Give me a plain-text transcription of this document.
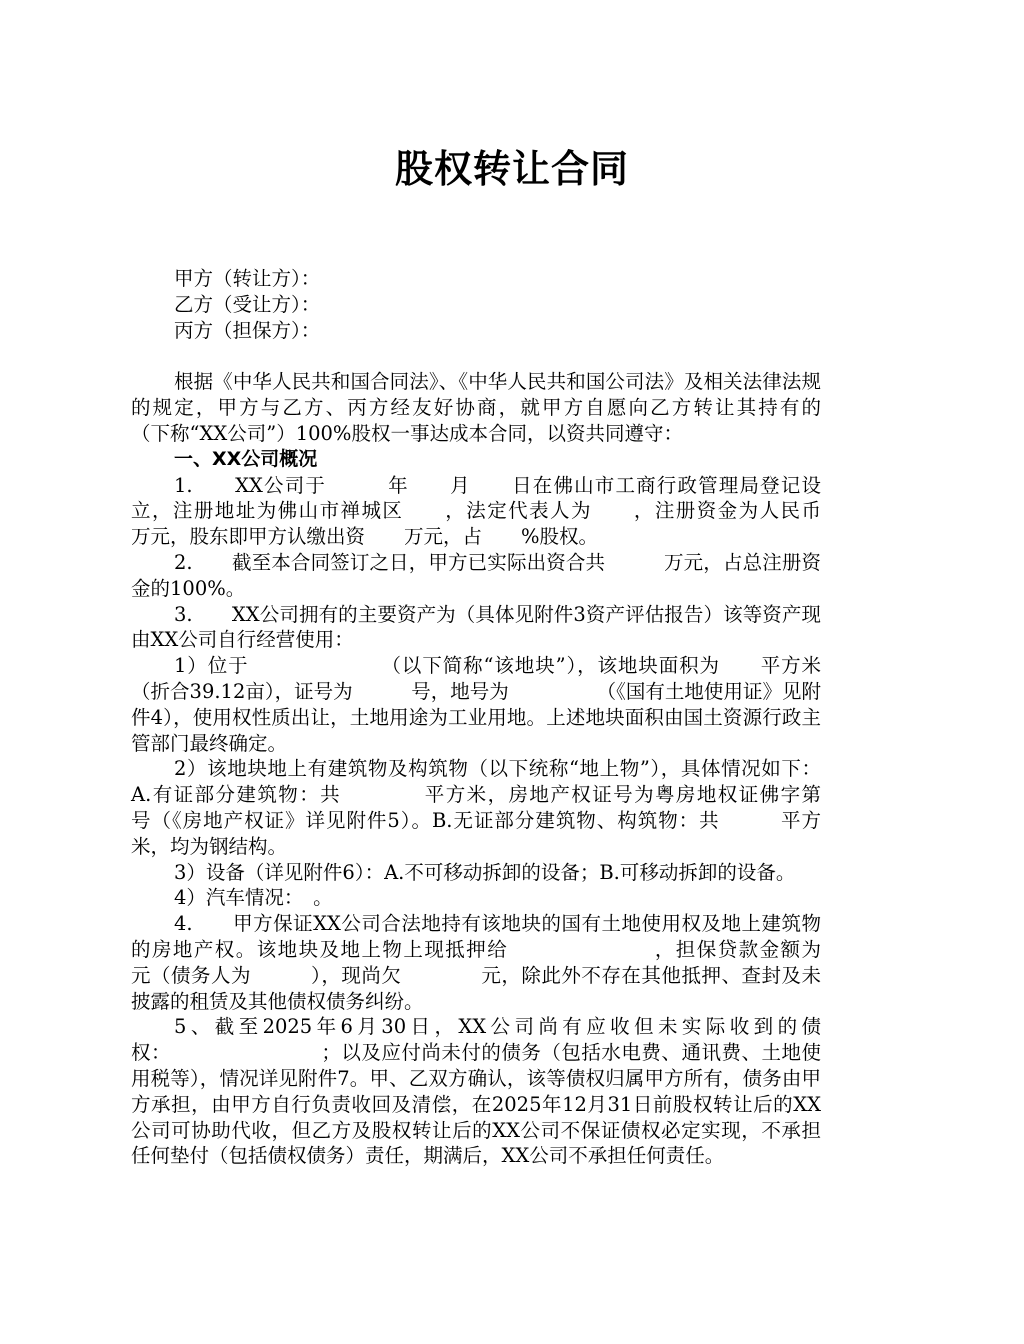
股权转让合同
甲方（转让方）：
乙方（受让方）：
丙方（担保方）：

根据《中华人民共和国合同法》、《中华人民共和国公司法》及相关法律法规的规定，甲方与乙方、丙方经友好协商，就甲方自愿向乙方转让其持有的　　　　　　　　（下称“XX公司”）100%股权一事达成本合同，以资共同遵守：

一、XX公司概况

1.　　XX公司于　　　年　　月　　日在佛山市工商行政管理局登记设立，注册地址为佛山市禅城区　　，法定代表人为　　，注册资金为人民币　　　万元，股东即甲方认缴出资　　万元，占　　%股权。

2.　　截至本合同签订之日，甲方已实际出资合共　　　万元，占总注册资金的100%。

3.　　XX公司拥有的主要资产为（具体见附件3资产评估报告）该等资产现由XX公司自行经营使用：

1）位于　　　　　　　（以下简称“该地块”），该地块面积为　　平方米（折合39.12亩），证号为　　　号，地号为　　　　　（《国有土地使用证》见附件4），使用权性质出让，土地用途为工业用地。上述地块面积由国土资源行政主管部门最终确定。

2）该地块地上有建筑物及构筑物（以下统称“地上物”），具体情况如下：A.有证部分建筑物：共　　　　平方米，房地产权证号为粤房地权证佛字第　　　　　　号（《房地产权证》详见附件5）。B.无证部分建筑物、构筑物：共　　　平方米，均为钢结构。

3）设备（详见附件6）：A.不可移动拆卸的设备；B.可移动拆卸的设备。

4）汽车情况：　。

4.　　甲方保证XX公司合法地持有该地块的国有土地使用权及地上建筑物的房地产权。该地块及地上物上现抵押给　　　　　　　，担保贷款金额为　　　　元（债务人为　　　），现尚欠　　　　元，除此外不存在其他抵押、查封及未披露的租赁及其他债权债务纠纷。

5、截至2025年6月30日，XX公司尚有应收但未实际收到的债权：　　　　　　　　；以及应付尚未付的债务（包括水电费、通讯费、土地使用税等），情况详见附件7。甲、乙双方确认，该等债权归属甲方所有，债务由甲方承担，由甲方自行负责收回及清偿，在2025年12月31日前股权转让后的XX公司可协助代收，但乙方及股权转让后的XX公司不保证债权必定实现，不承担任何垫付（包括债权债务）责任，期满后，XX公司不承担任何责任。
